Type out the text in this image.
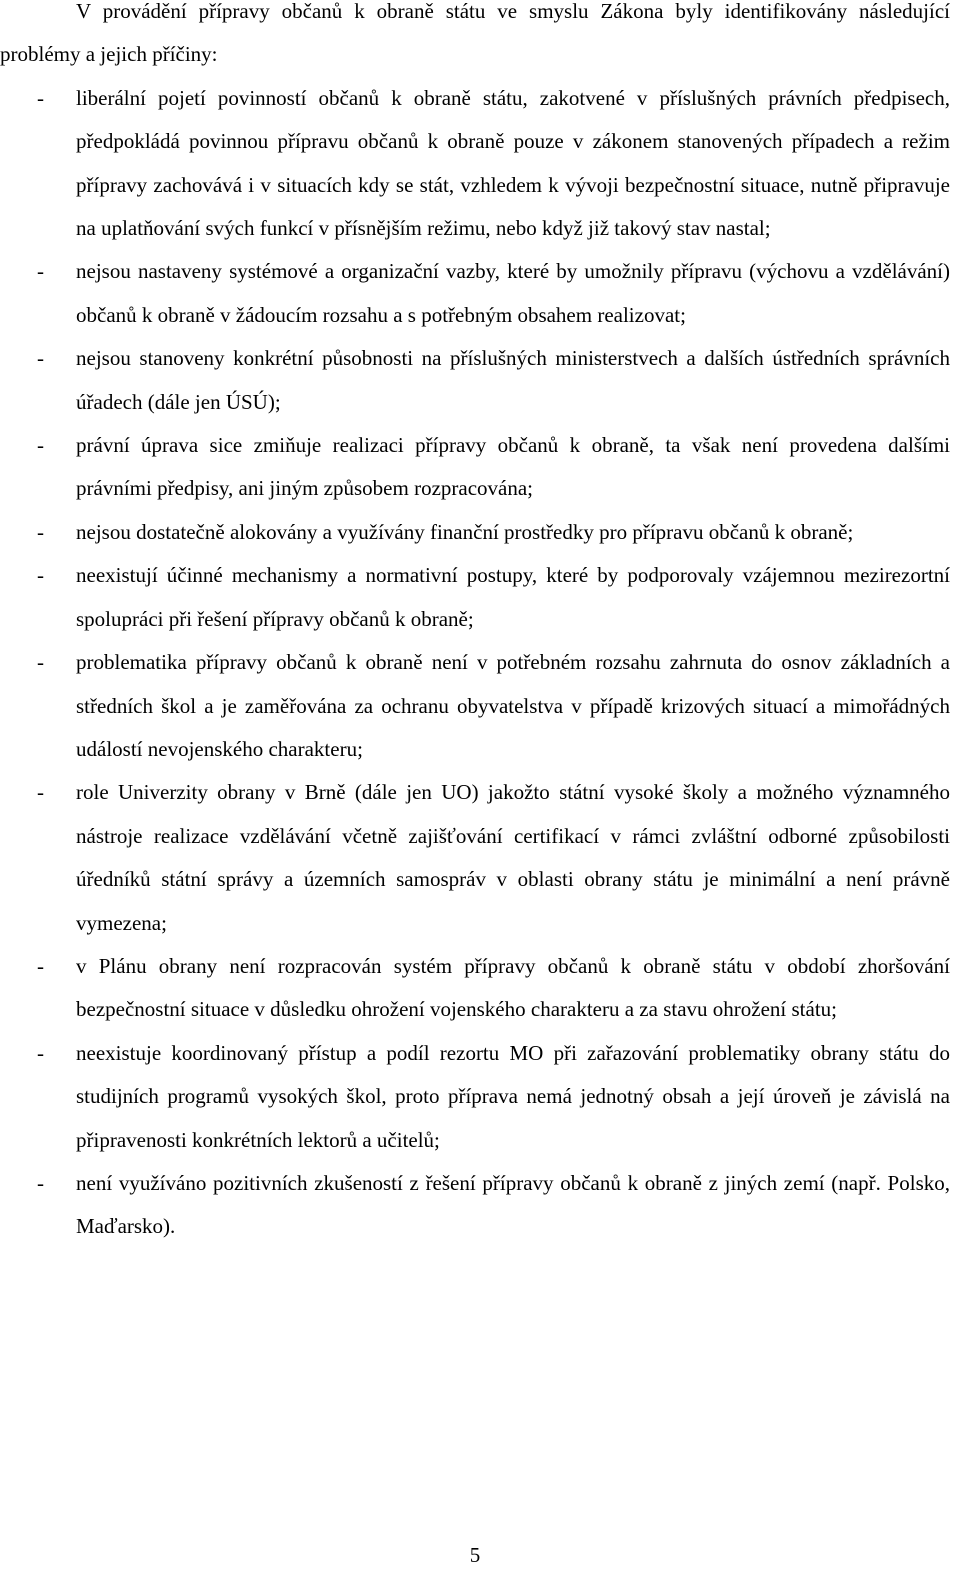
V provádění přípravy občanů k obraně státu ve smyslu Zákona byly identifikovány následující problémy a jejich příčiny:

- liberální pojetí povinností občanů k obraně státu, zakotvené v příslušných právních předpisech, předpokládá povinnou přípravu občanů k obraně pouze v zákonem stanovených případech a režim přípravy zachovává i v situacích kdy se stát, vzhledem k vývoji bezpečnostní situace, nutně připravuje na uplatňování svých funkcí v přísnějším režimu, nebo když již takový stav nastal;
- nejsou nastaveny systémové a organizační vazby, které by umožnily přípravu (výchovu a vzdělávání) občanů k obraně v žádoucím rozsahu a s potřebným obsahem realizovat;
- nejsou stanoveny konkrétní působnosti na příslušných ministerstvech a dalších ústředních správních úřadech (dále jen ÚSÚ);
- právní úprava sice zmiňuje realizaci přípravy občanů k obraně, ta však není provedena dalšími právními předpisy, ani jiným způsobem rozpracována;
- nejsou dostatečně alokovány a využívány finanční prostředky pro přípravu občanů k obraně;
- neexistují účinné mechanismy a normativní postupy, které by podporovaly vzájemnou mezirezortní spolupráci při řešení přípravy občanů k obraně;
- problematika přípravy občanů k obraně není v potřebném rozsahu zahrnuta do osnov základních a středních škol a je zaměřována za ochranu obyvatelstva v případě krizových situací a mimořádných událostí nevojenského charakteru;
- role Univerzity obrany v Brně (dále jen UO) jakožto státní vysoké školy a možného významného nástroje realizace vzdělávání včetně zajišťování certifikací v rámci zvláštní odborné způsobilosti úředníků státní správy a územních samospráv v oblasti obrany státu je minimální a není právně vymezena;
- v Plánu obrany není rozpracován systém přípravy občanů k obraně státu v období zhoršování bezpečnostní situace v důsledku ohrožení vojenského charakteru a za stavu ohrožení státu;
- neexistuje koordinovaný přístup a podíl rezortu MO při zařazování problematiky obrany státu do studijních programů vysokých škol, proto příprava nemá jednotný obsah a její úroveň je závislá na připravenosti konkrétních lektorů a učitelů;
- není využíváno pozitivních zkušeností z řešení přípravy občanů k obraně z jiných zemí (např. Polsko, Maďarsko).
5
